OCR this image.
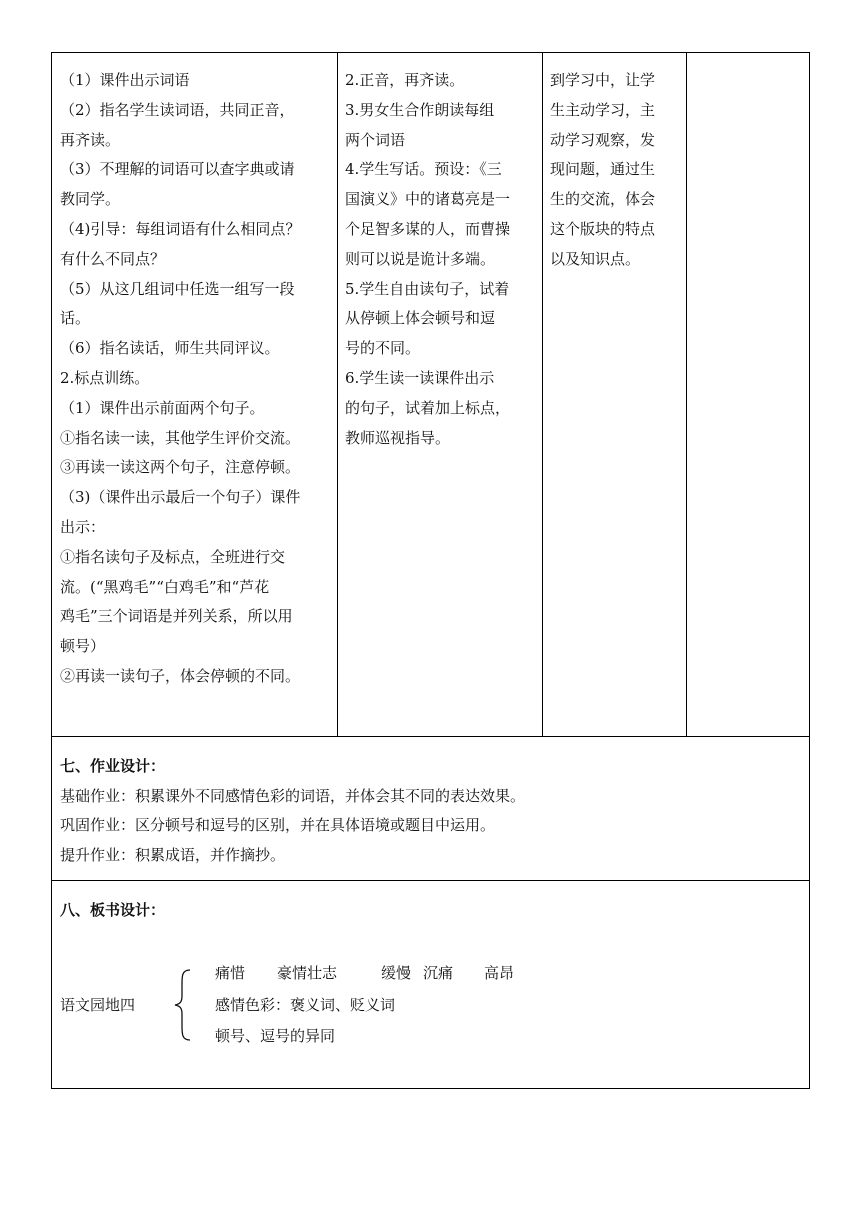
（1）课件出示词语
（2）指名学生读词语，共同正音，
再齐读。
（3）不理解的词语可以查字典或请
教同学。
（4)引导：每组词语有什么相同点？
有什么不同点？
（5）从这几组词中任选一组写一段
话。
（6）指名读话，师生共同评议。
2.标点训练。
（1）课件出示前面两个句子。
①指名读一读，其他学生评价交流。
③再读一读这两个句子，注意停顿。
（3)（课件出示最后一个句子）课件
出示：
①指名读句子及标点，全班进行交
流。(“黑鸡毛”“白鸡毛”和“芦花
鸡毛”三个词语是并列关系，所以用
顿号）
②再读一读句子，体会停顿的不同。
2.正音，再齐读。
3.男女生合作朗读每组
两个词语
4.学生写话。预设：《三
国演义》中的诸葛亮是一
个足智多谋的人，而曹操
则可以说是诡计多端。
5.学生自由读句子，试着
从停顿上体会顿号和逗
号的不同。
6.学生读一读课件出示
的句子，试着加上标点，
教师巡视指导。
到学习中，让学
生主动学习，主
动学习观察，发
现问题，通过生
生的交流，体会
这个版块的特点
以及知识点。
七、作业设计：
基础作业：积累课外不同感情色彩的词语，并体会其不同的表达效果。
巩固作业：区分顿号和逗号的区别，并在具体语境或题目中运用。
提升作业：积累成语，并作摘抄。
八、板书设计：
语文园地四
痛惜 豪情壮志	缓慢 沉痛 高昂
感情色彩：褒义词、贬义词
顿号、逗号的异同
